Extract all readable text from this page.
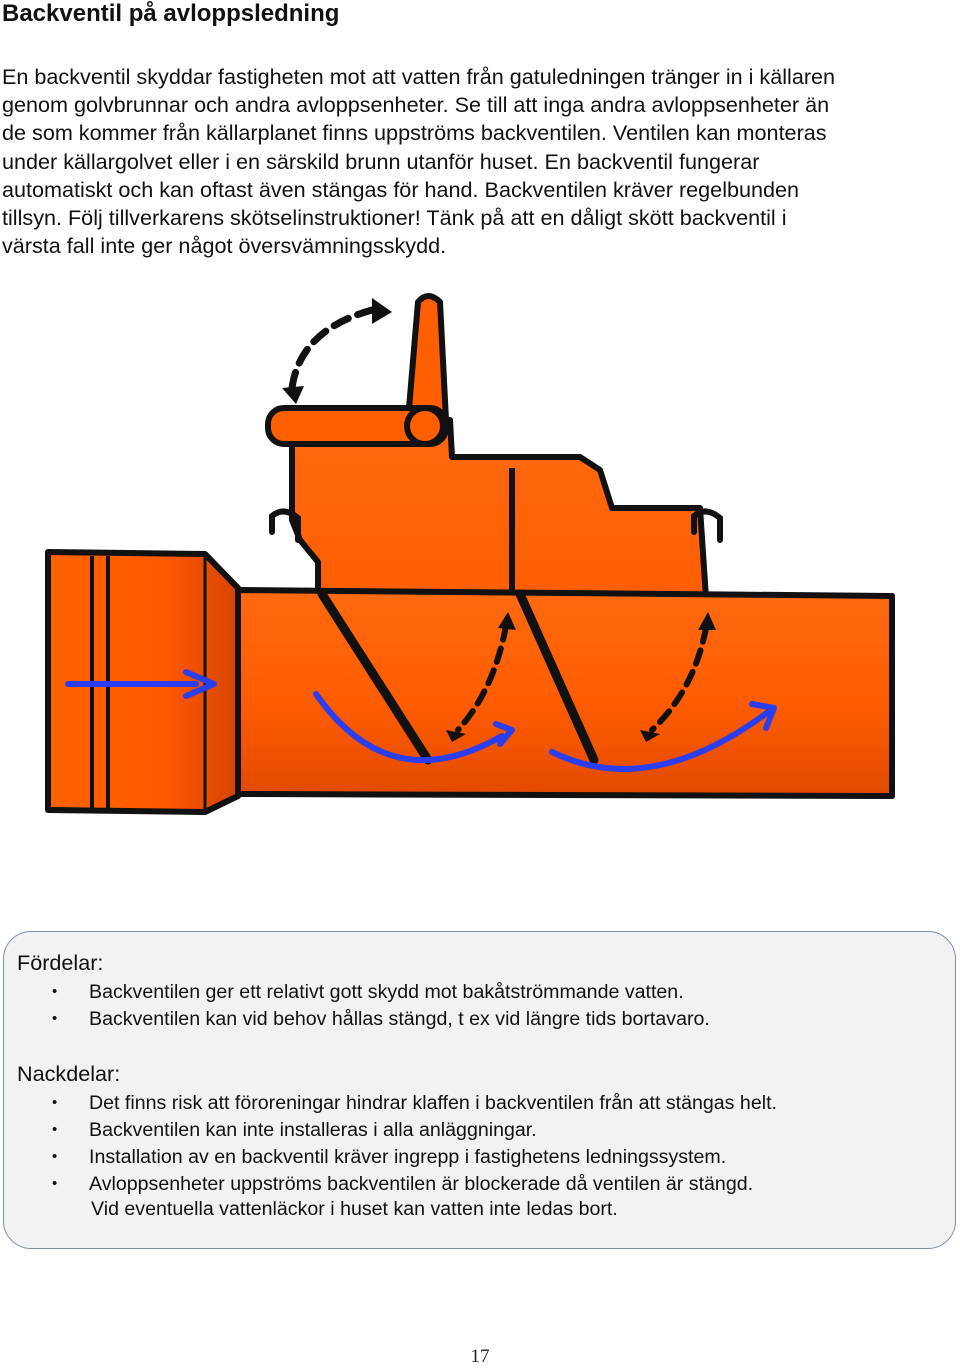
Backventil på avloppsledning
En backventil skyddar fastigheten mot att vatten från gatuledningen tränger in i källaren
genom golvbrunnar och andra avloppsenheter. Se till att inga andra avloppsenheter än
de som kommer från källarplanet finns uppströms backventilen. Ventilen kan monteras
under källargolvet eller i en särskild brunn utanför huset. En backventil fungerar
automatiskt och kan oftast även stängas för hand. Backventilen kräver regelbunden
tillsyn. Följ tillverkarens skötselinstruktioner! Tänk på att en dåligt skött backventil i
värsta fall inte ger något översvämningsskydd.
Fördelar:
• Backventilen ger ett relativt gott skydd mot bakåtströmmande vatten.
• Backventilen kan vid behov hållas stängd, t ex vid längre tids bortavaro.
Nackdelar:
• Det finns risk att föroreningar hindrar klaffen i backventilen från att stängas helt.
• Backventilen kan inte installeras i alla anläggningar.
• Installation av en backventil kräver ingrepp i fastighetens ledningssystem.
• Avloppsenheter uppströms backventilen är blockerade då ventilen är stängd.
Vid eventuella vattenläckor i huset kan vatten inte ledas bort.
17
